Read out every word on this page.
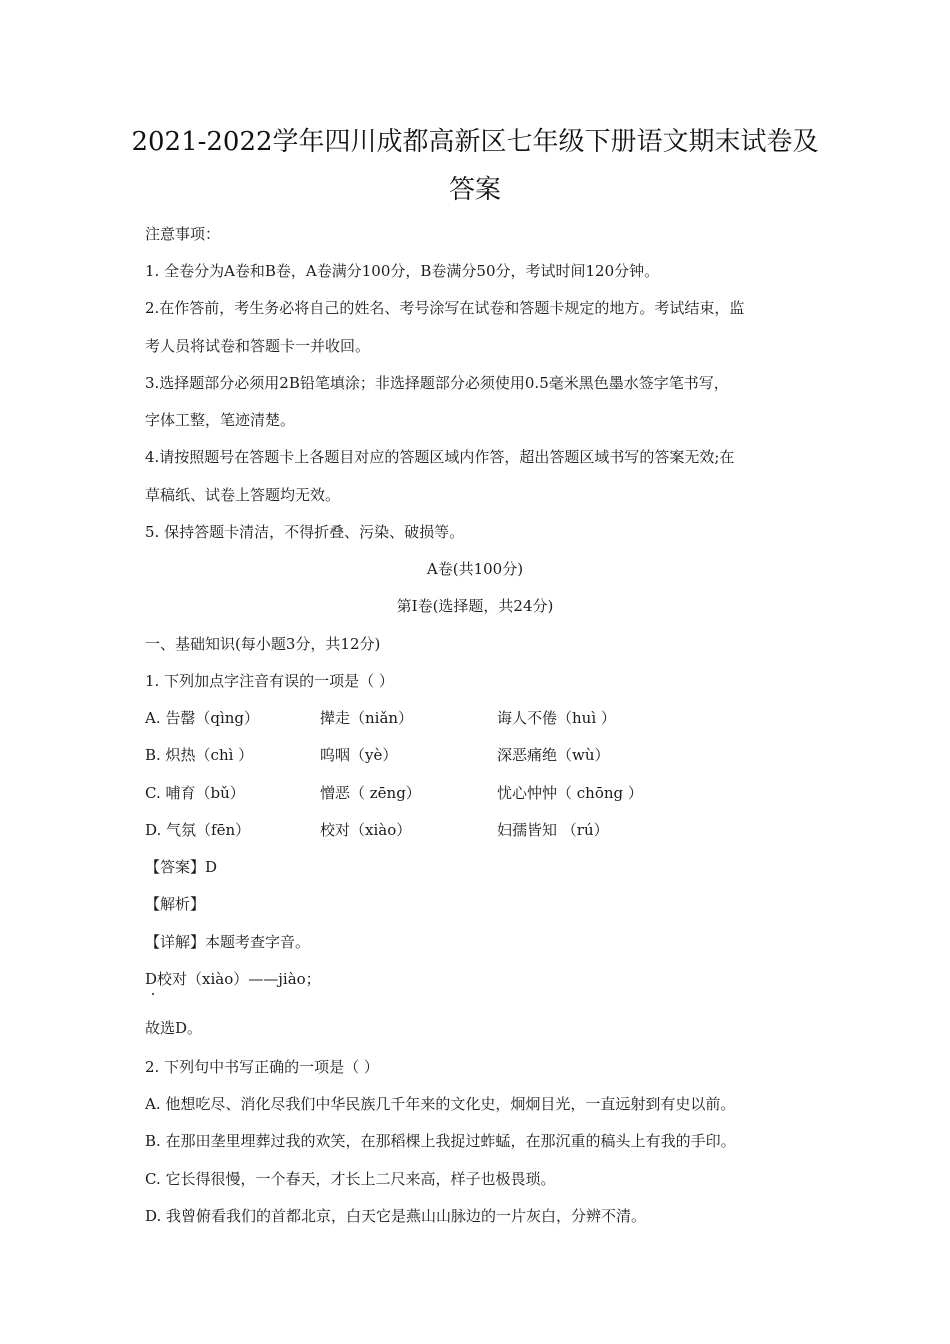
2021-2022学年四川成都高新区七年级下册语文期末试卷及
答案
注意事项：
1. 全卷分为A卷和B卷，A卷满分100分，B卷满分50分，考试时间120分钟。
2.在作答前，考生务必将自己的姓名、考号涂写在试卷和答题卡规定的地方。考试结束，监
考人员将试卷和答题卡一并收回。
3.选择题部分必须用2B铅笔填涂；非选择题部分必须使用0.5毫米黑色墨水签字笔书写，
字体工整，笔迹清楚。
4.请按照题号在答题卡上各题目对应的答题区域内作答，超出答题区域书写的答案无效;在
草稿纸、试卷上答题均无效。
5. 保持答题卡清洁，不得折叠、污染、破损等。
A卷(共100分)
第Ⅰ卷(选择题，共24分)
一、基础知识(每小题3分，共12分)
1. 下列加点字注音有误的一项是（ ）
A. 告罄（qìng）	撵走（niǎn）	诲人不倦（huì ）
B. 炽热（chì ）	呜咽（yè）	深恶痛绝（wù）
C. 哺育（bǔ）	憎恶（ zēng）	忧心忡忡（ chōng ）
D. 气氛（fēn）	校对（xiào）	妇孺皆知 （rú）
【答案】D
【解析】
【详解】本题考查字音。
D校对（xiào）——jiào；
故选D。
2. 下列句中书写正确的一项是（ ）
A. 他想吃尽、消化尽我们中华民族几千年来的文化史，炯炯目光，一直远射到有史以前。
B. 在那田垄里埋葬过我的欢笑，在那稻棵上我捉过蚱蜢，在那沉重的稿头上有我的手印。
C. 它长得很慢，一个春天，才长上二尺来高，样子也极畏琐。
D. 我曾俯看我们的首都北京，白天它是燕山山脉边的一片灰白，分辨不清。
